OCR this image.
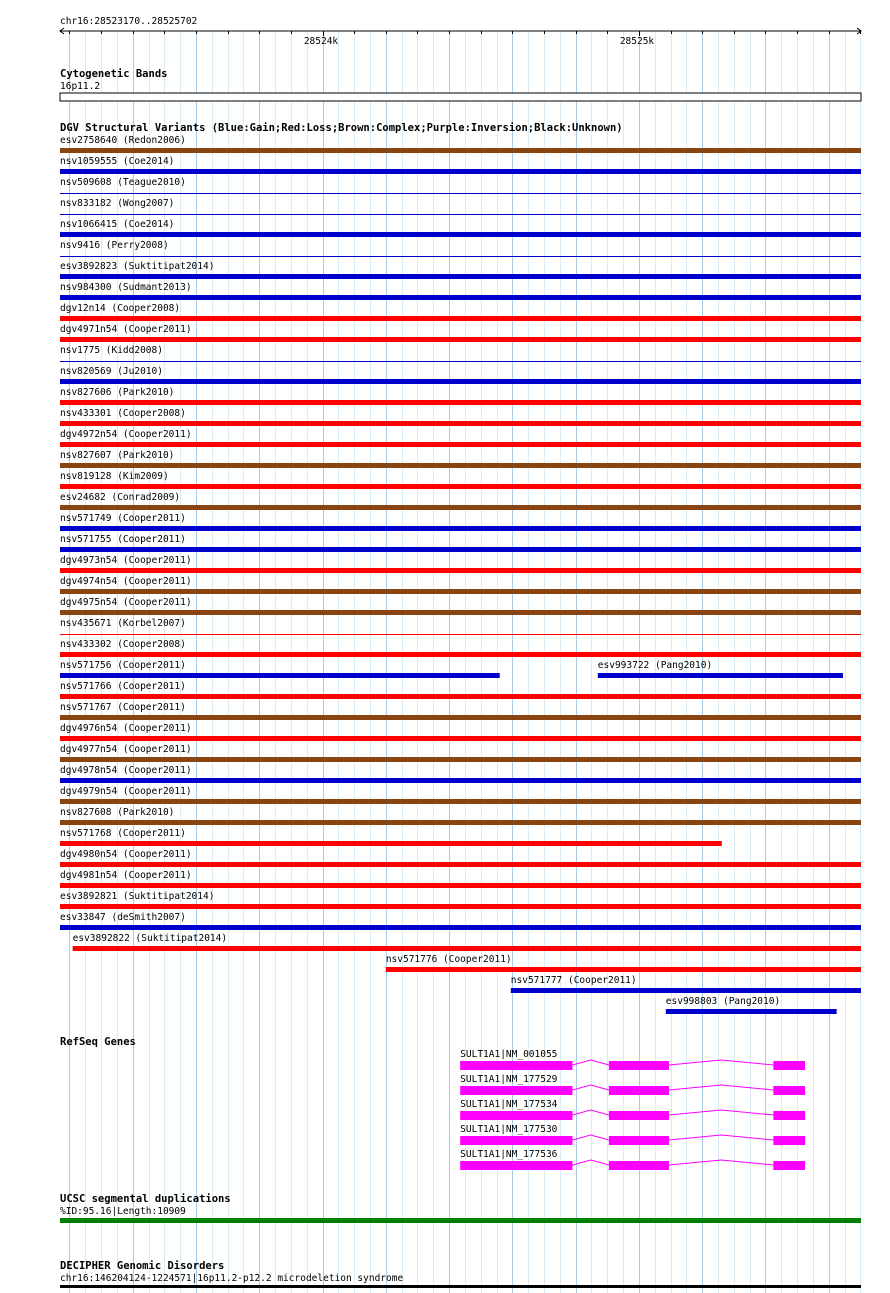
chr16:28523170..28525702
28524k	28525k
Cytogenetic Bands
16p11.2
DGV Structural Variants (Blue:Gain;Red:Loss;Brown:Complex;Purple:Inversion;Black:Unknown)
esv2758640 (Redon2006)
nsv1059555 (Coe2014)
nsv509608 (Teague2010)
nsv833182 (Wong2007)
nsv1066415 (Coe2014)
nsv9416 (Perry2008)
esv3892823 (Suktitipat2014)
nsv984300 (Sudmant2013)
dgv12n14 (Cooper2008)
dgv4971n54 (Cooper2011)
nsv1775 (Kidd2008)
nsv820569 (Ju2010)
nsv827606 (Park2010)
nsv433301 (Cooper2008)
dgv4972n54 (Cooper2011)
nsv827607 (Park2010)
nsv819128 (Kim2009)
esv24682 (Conrad2009)
nsv571749 (Cooper2011)
nsv571755 (Cooper2011)
dgv4973n54 (Cooper2011)
dgv4974n54 (Cooper2011)
dgv4975n54 (Cooper2011)
nsv435671 (Korbel2007)
nsv433302 (Cooper2008)
nsv571756 (Cooper2011)	esv993722 (Pang2010)
nsv571766 (Cooper2011)
nsv571767 (Cooper2011)
dgv4976n54 (Cooper2011)
dgv4977n54 (Cooper2011)
dgv4978n54 (Cooper2011)
dgv4979n54 (Cooper2011)
nsv827608 (Park2010)
nsv571768 (Cooper2011)
dgv4980n54 (Cooper2011)
dgv4981n54 (Cooper2011)
esv3892821 (Suktitipat2014)
esv33847 (deSmith2007)
esv3892822 (Suktitipat2014)
nsv571776 (Cooper2011)
nsv571777 (Cooper2011)
esv998803 (Pang2010)
RefSeq Genes
SULT1A1|NM_001055
SULT1A1|NM_177529
SULT1A1|NM_177534
SULT1A1|NM_177530
SULT1A1|NM_177536
UCSC segmental duplications
%ID:95.16|Length:10909
DECIPHER Genomic Disorders
chr16:146204124-1224571|16p11.2-p12.2 microdeletion syndrome
